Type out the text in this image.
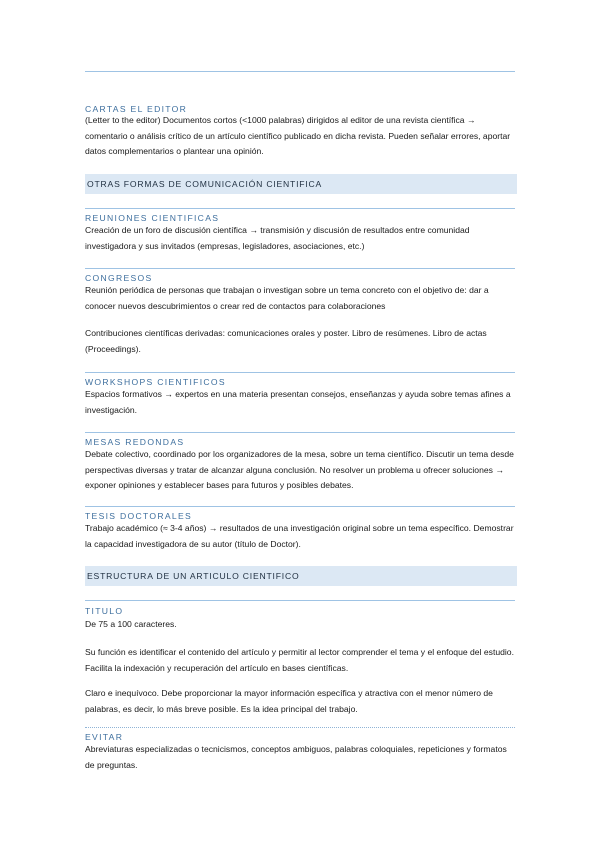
CARTAS EL EDITOR
(Letter to the editor) Documentos cortos (<1000 palabras) dirigidos al editor de una revista científica → comentario o análisis crítico de un artículo científico publicado en dicha revista. Pueden señalar errores, aportar datos complementarios o plantear una opinión.
OTRAS FORMAS DE COMUNICACIÓN CIENTIFICA
REUNIONES CIENTIFICAS
Creación de un foro de discusión científica → transmisión y discusión de resultados entre comunidad investigadora y sus invitados (empresas, legisladores, asociaciones, etc.)
CONGRESOS
Reunión periódica de personas que trabajan o investigan sobre un tema concreto con el objetivo de: dar a conocer nuevos descubrimientos o crear red de contactos para colaboraciones
Contribuciones científicas derivadas: comunicaciones orales y poster. Libro de resúmenes. Libro de actas (Proceedings).
WORKSHOPS CIENTIFICOS
Espacios formativos → expertos en una materia presentan consejos, enseñanzas y ayuda sobre temas afines a investigación.
MESAS REDONDAS
Debate colectivo, coordinado por los organizadores de la mesa, sobre un tema científico. Discutir un tema desde perspectivas diversas y tratar de alcanzar alguna conclusión. No resolver un problema u ofrecer soluciones → exponer opiniones y establecer bases para futuros y posibles debates.
TESIS DOCTORALES
Trabajo académico (≈ 3-4 años) → resultados de una investigación original sobre un tema específico. Demostrar la capacidad investigadora de su autor (título de Doctor).
ESTRUCTURA DE UN ARTICULO CIENTIFICO
TITULO
De 75 a 100 caracteres.
Su función es identificar el contenido del artículo y permitir al lector comprender el tema y el enfoque del estudio. Facilita la indexación y recuperación del artículo en bases científicas.
Claro e inequívoco. Debe proporcionar la mayor información específica y atractiva con el menor número de palabras, es decir, lo más breve posible. Es la idea principal del trabajo.
EVITAR
Abreviaturas especializadas o tecnicismos, conceptos ambiguos, palabras coloquiales, repeticiones y formatos de preguntas.
